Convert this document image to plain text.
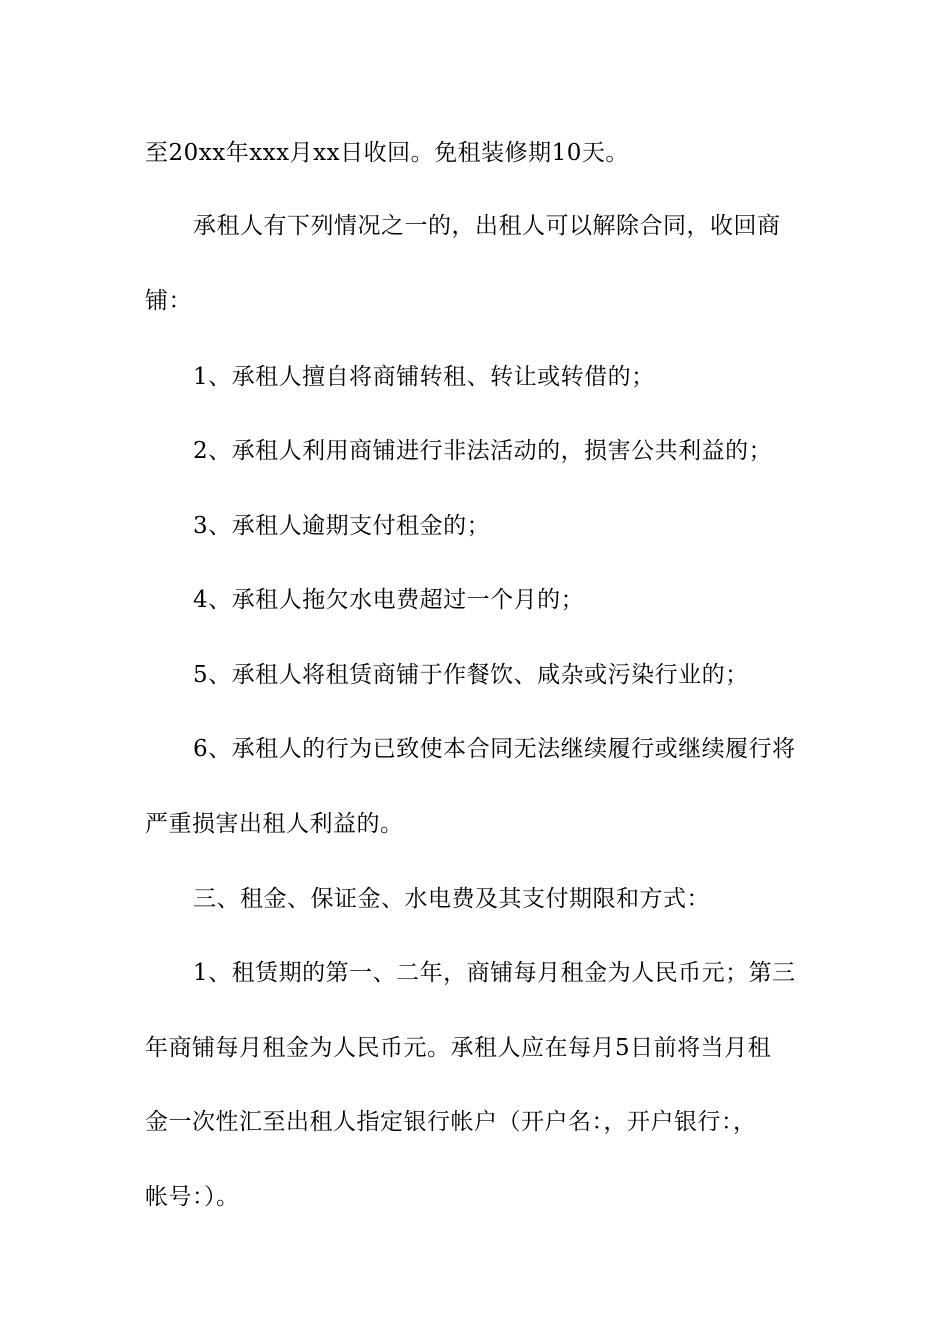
至20xx年xxx月xx日收回。免租装修期10天。
承租人有下列情况之一的，出租人可以解除合同，收回商
铺：
1、承租人擅自将商铺转租、转让或转借的；
2、承租人利用商铺进行非法活动的，损害公共利益的；
3、承租人逾期支付租金的；
4、承租人拖欠水电费超过一个月的；
5、承租人将租赁商铺于作餐饮、咸杂或污染行业的；
6、承租人的行为已致使本合同无法继续履行或继续履行将
严重损害出租人利益的。
三、租金、保证金、水电费及其支付期限和方式：
1、租赁期的第一、二年，商铺每月租金为人民币元；第三
年商铺每月租金为人民币元。承租人应在每月5日前将当月租
金一次性汇至出租人指定银行帐户（开户名：，开户银行：，
帐号：）。
